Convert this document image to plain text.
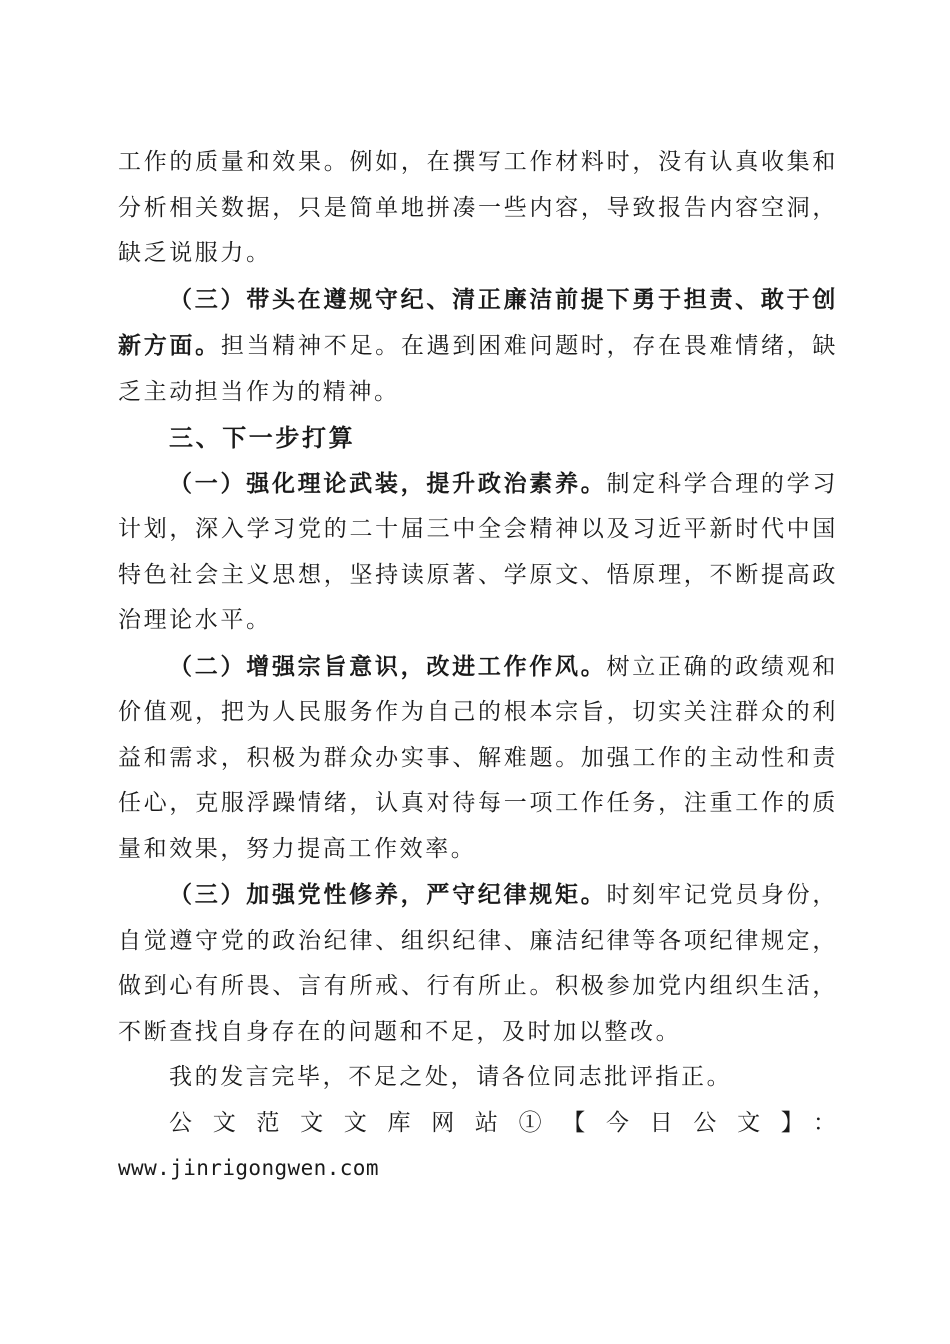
工作的质量和效果。例如，在撰写工作材料时，没有认真收集和分析相关数据，只是简单地拼凑一些内容，导致报告内容空洞，缺乏说服力。

（三）带头在遵规守纪、清正廉洁前提下勇于担责、敢于创新方面。担当精神不足。在遇到困难问题时，存在畏难情绪，缺乏主动担当作为的精神。

三、下一步打算

（一）强化理论武装，提升政治素养。制定科学合理的学习计划，深入学习党的二十届三中全会精神以及习近平新时代中国特色社会主义思想，坚持读原著、学原文、悟原理，不断提高政治理论水平。

（二）增强宗旨意识，改进工作作风。树立正确的政绩观和价值观，把为人民服务作为自己的根本宗旨，切实关注群众的利益和需求，积极为群众办实事、解难题。加强工作的主动性和责任心，克服浮躁情绪，认真对待每一项工作任务，注重工作的质量和效果，努力提高工作效率。

（三）加强党性修养，严守纪律规矩。时刻牢记党员身份，自觉遵守党的政治纪律、组织纪律、廉洁纪律等各项纪律规定，做到心有所畏、言有所戒、行有所止。积极参加党内组织生活，不断查找自身存在的问题和不足，及时加以整改。

我的发言完毕，不足之处，请各位同志批评指正。

公文范文文库网站①【今日公文】：

www.jinrigongwen.com
